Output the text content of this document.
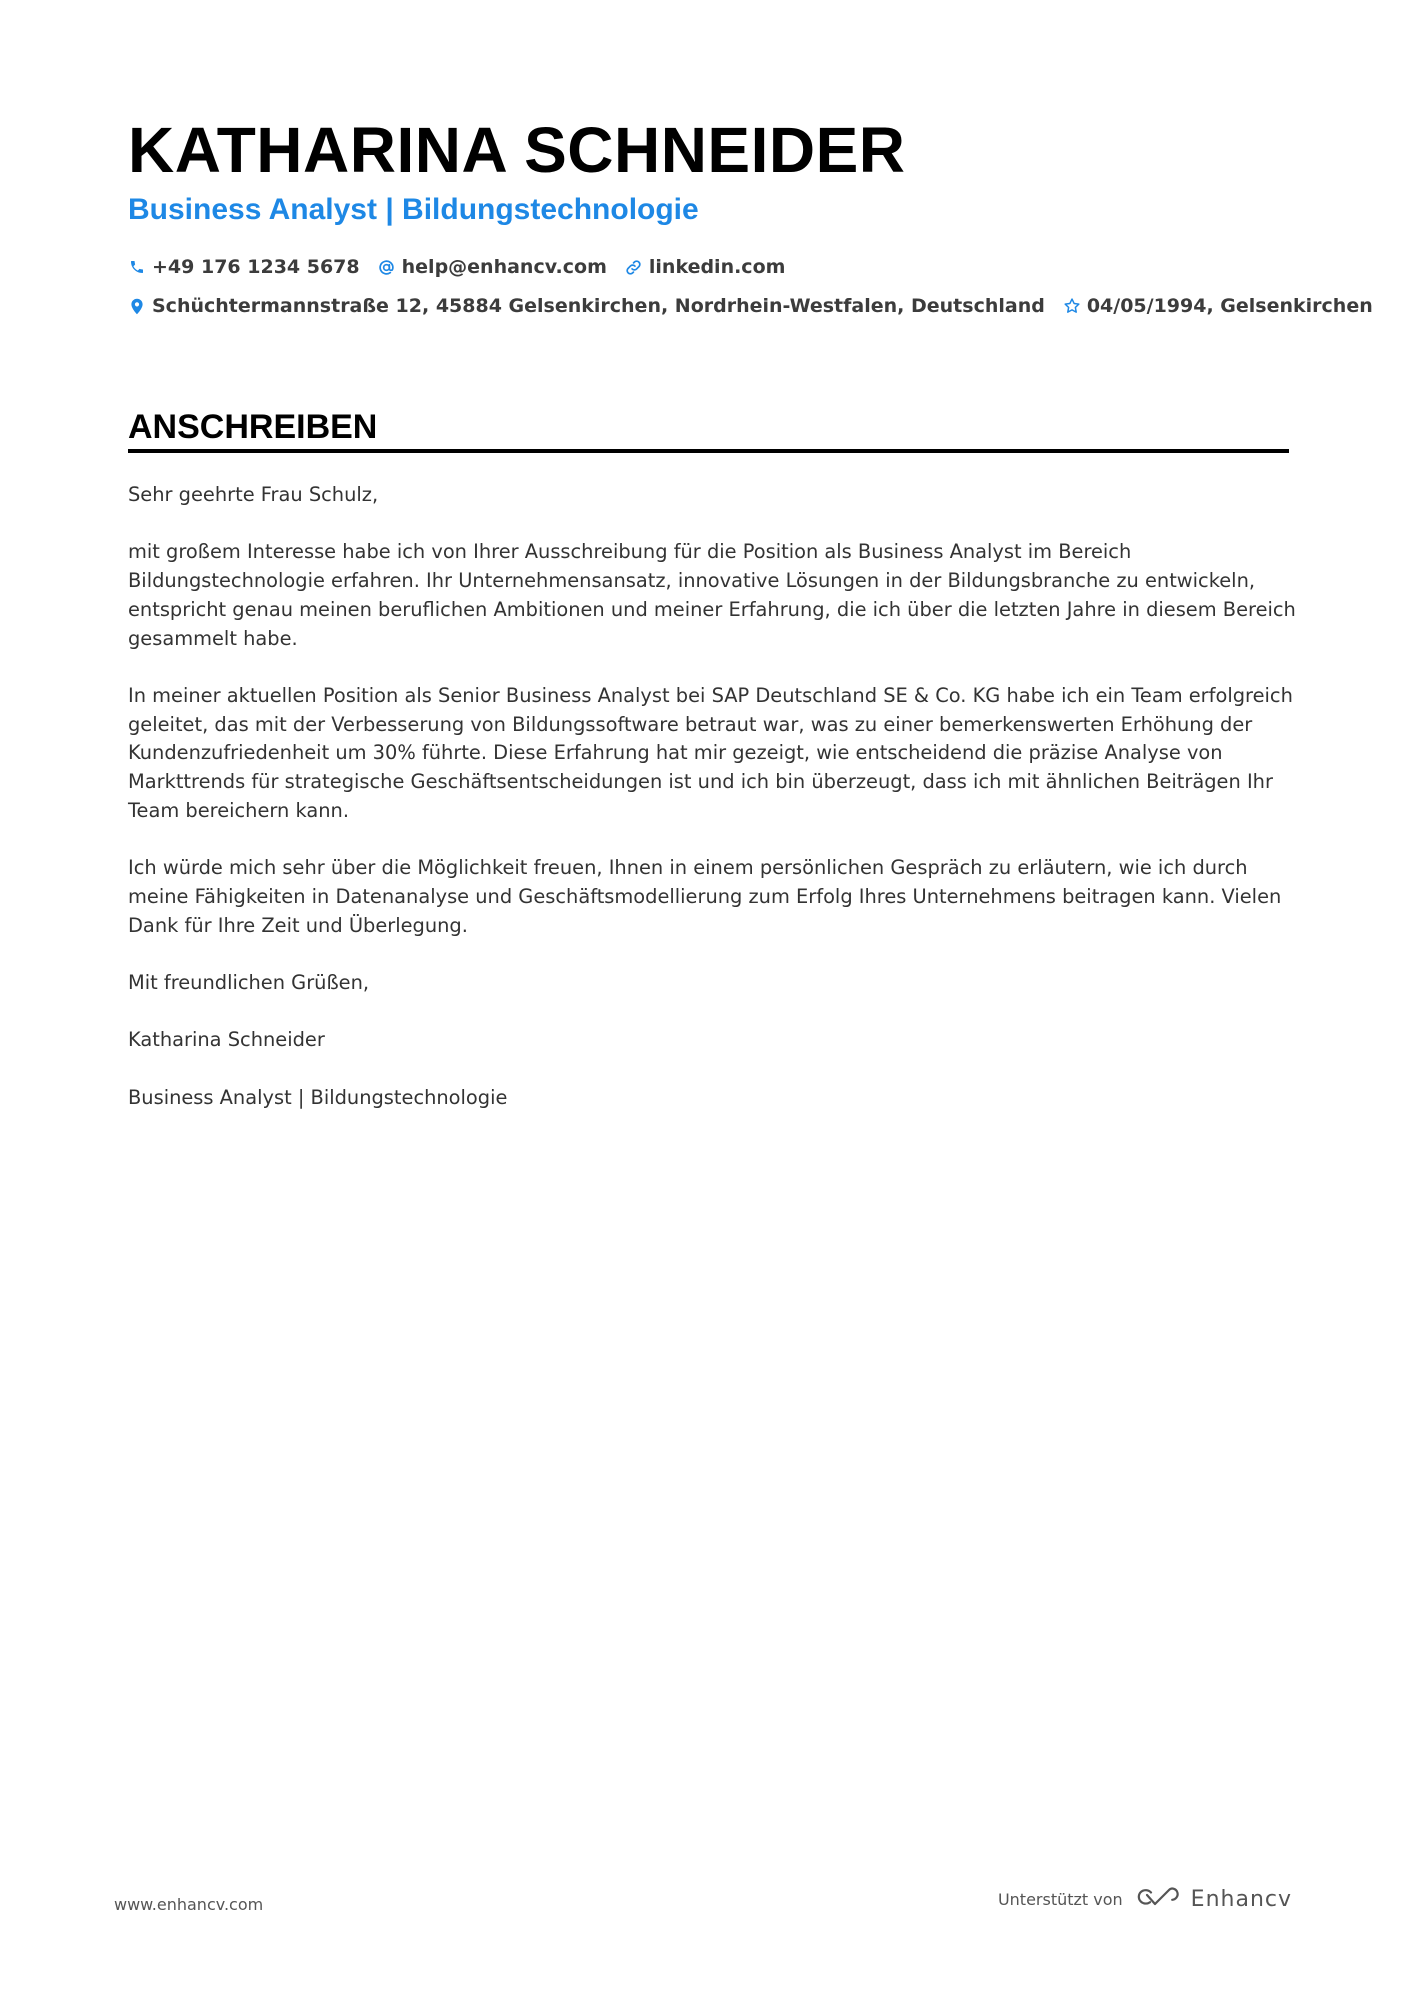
KATHARINA SCHNEIDER
Business Analyst | Bildungstechnologie
+49 176 1234 5678 help@enhancv.com linkedin.com
Schüchtermannstraße 12, 45884 Gelsenkirchen, Nordrhein-Westfalen, Deutschland 04/05/1994, Gelsenkirchen
ANSCHREIBEN

Sehr geehrte Frau Schulz,

mit großem Interesse habe ich von Ihrer Ausschreibung für die Position als Business Analyst im Bereich Bildungstechnologie erfahren. Ihr Unternehmensansatz, innovative Lösungen in der Bildungsbranche zu entwickeln, entspricht genau meinen beruflichen Ambitionen und meiner Erfahrung, die ich über die letzten Jahre in diesem Bereich gesammelt habe.

In meiner aktuellen Position als Senior Business Analyst bei SAP Deutschland SE & Co. KG habe ich ein Team erfolgreich geleitet, das mit der Verbesserung von Bildungssoftware betraut war, was zu einer bemerkenswerten Erhöhung der Kundenzufriedenheit um 30% führte. Diese Erfahrung hat mir gezeigt, wie entscheidend die präzise Analyse von Markttrends für strategische Geschäftsentscheidungen ist und ich bin überzeugt, dass ich mit ähnlichen Beiträgen Ihr Team bereichern kann.

Ich würde mich sehr über die Möglichkeit freuen, Ihnen in einem persönlichen Gespräch zu erläutern, wie ich durch meine Fähigkeiten in Datenanalyse und Geschäftsmodellierung zum Erfolg Ihres Unternehmens beitragen kann. Vielen Dank für Ihre Zeit und Überlegung.

Mit freundlichen Grüßen,

Katharina Schneider

Business Analyst | Bildungstechnologie

www.enhancv.com	Unterstützt von	Enhancv
